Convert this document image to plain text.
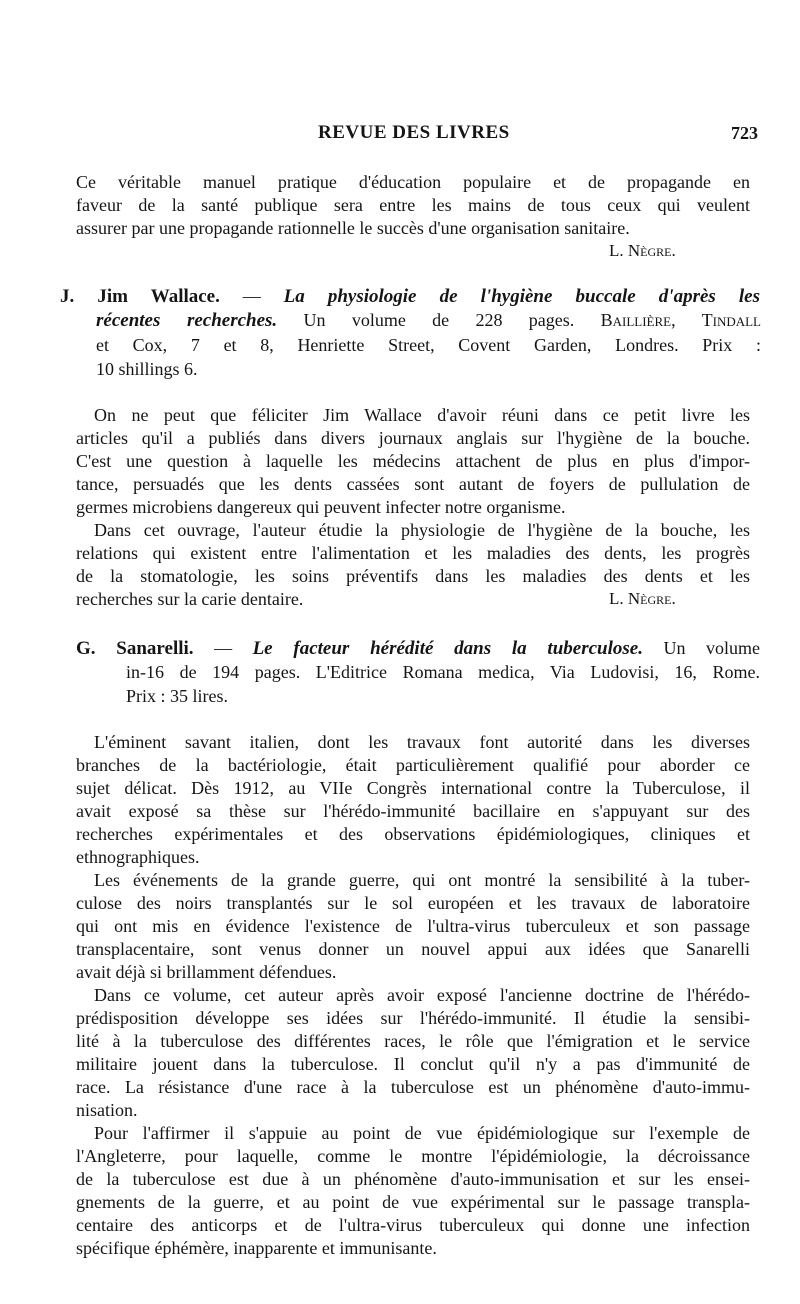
REVUE DES LIVRES	723
Ce véritable manuel pratique d'éducation populaire et de propagande en
faveur de la santé publique sera entre les mains de tous ceux qui veulent
assurer par une propagande rationnelle le succès d'une organisation sanitaire.
L. Nègre.
J. Jim Wallace. — La physiologie de l'hygiène buccale d'après les
récentes recherches. Un volume de 228 pages. Baillière, Tindall
et Cox, 7 et 8, Henriette Street, Covent Garden, Londres. Prix :
10 shillings 6.
On ne peut que féliciter Jim Wallace d'avoir réuni dans ce petit livre les
articles qu'il a publiés dans divers journaux anglais sur l'hygiène de la bouche.
C'est une question à laquelle les médecins attachent de plus en plus d'impor-
tance, persuadés que les dents cassées sont autant de foyers de pullulation de
germes microbiens dangereux qui peuvent infecter notre organisme.
Dans cet ouvrage, l'auteur étudie la physiologie de l'hygiène de la bouche, les
relations qui existent entre l'alimentation et les maladies des dents, les progrès
de la stomatologie, les soins préventifs dans les maladies des dents et les
recherches sur la carie dentaire.	L. Nègre.
G. Sanarelli. — Le facteur hérédité dans la tuberculose. Un volume
in-16 de 194 pages. L'Editrice Romana medica, Via Ludovisi, 16, Rome.
Prix : 35 lires.
L'éminent savant italien, dont les travaux font autorité dans les diverses
branches de la bactériologie, était particulièrement qualifié pour aborder ce
sujet délicat. Dès 1912, au VIIe Congrès international contre la Tuberculose, il
avait exposé sa thèse sur l'hérédo-immunité bacillaire en s'appuyant sur des
recherches expérimentales et des observations épidémiologiques, cliniques et
ethnographiques.
Les événements de la grande guerre, qui ont montré la sensibilité à la tuber-
culose des noirs transplantés sur le sol européen et les travaux de laboratoire
qui ont mis en évidence l'existence de l'ultra-virus tuberculeux et son passage
transplacentaire, sont venus donner un nouvel appui aux idées que Sanarelli
avait déjà si brillamment défendues.
Dans ce volume, cet auteur après avoir exposé l'ancienne doctrine de l'hérédo-
prédisposition développe ses idées sur l'hérédo-immunité. Il étudie la sensibi-
lité à la tuberculose des différentes races, le rôle que l'émigration et le service
militaire jouent dans la tuberculose. Il conclut qu'il n'y a pas d'immunité de
race. La résistance d'une race à la tuberculose est un phénomène d'auto-immu-
nisation.
Pour l'affirmer il s'appuie au point de vue épidémiologique sur l'exemple de
l'Angleterre, pour laquelle, comme le montre l'épidémiologie, la décroissance
de la tuberculose est due à un phénomène d'auto-immunisation et sur les ensei-
gnements de la guerre, et au point de vue expérimental sur le passage transpla-
centaire des anticorps et de l'ultra-virus tuberculeux qui donne une infection
spécifique éphémère, inapparente et immunisante.
